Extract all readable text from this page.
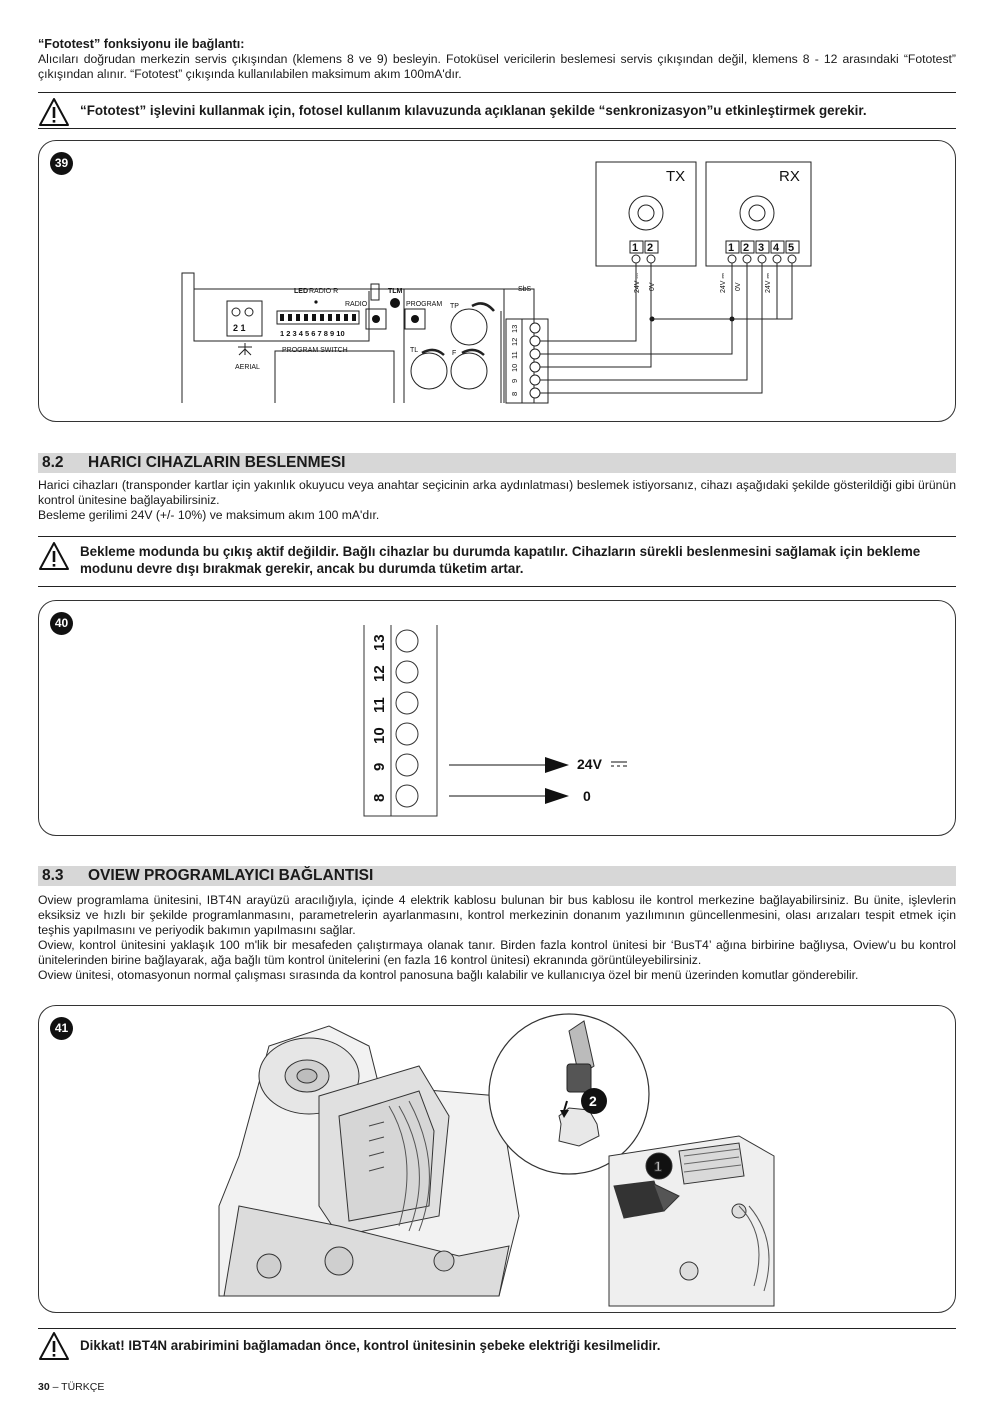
“Fototest” fonksiyonu ile bağlantı:

Alıcıları doğrudan merkezin servis çıkışından (klemens 8 ve 9) besleyin. Fotoküsel vericilerin beslemesi servis çıkışından değil, klemens 8 - 12 arasındaki “Fototest” çıkışından alınır. “Fototest” çıkışında kullanılabilen maksimum akım 100mA'dır.

“Fototest” işlevini kullanmak için, fotosel kullanım kılavuzunda açıklanan şekilde “senkronizasyon”u etkinleştirmek gerekir.
39
TX	RX
1 2	1 2 3 4 5
24V ⎓ 0V	24V ⎓ 0V	24V ⎓
LED RADIO R
RADIO
TLM
PROGRAM TP
TL	F
SbS
AERIAL
PROGRAM SWITCH
1 2 3 4 5 6 7 8 9 10
2 1	13
12
11
10
9
8
8.2 HARICI CIHAZLARIN BESLENMESI

Harici cihazları (transponder kartlar için yakınlık okuyucu veya anahtar seçicinin arka aydınlatması) beslemek istiyorsanız, cihazı aşağıdaki şekilde gösterildiği gibi ürünün kontrol ünitesine bağlayabilirsiniz.

Besleme gerilimi 24V (+/- 10%) ve maksimum akım 100 mA'dır.

Bekleme modunda bu çıkış aktif değildir. Bağlı cihazlar bu durumda kapatılır. Cihazların sürekli beslenmesini sağlamak için bekleme modunu devre dışı bırakmak gerekir, ancak bu durumda tüketim artar.
40
13
12
11
10
9
8
24V
0
8.3 OVIEW PROGRAMLAYICI BAĞLANTISI

Oview programlama ünitesini, IBT4N arayüzü aracılığıyla, içinde 4 elektrik kablosu bulunan bir bus kablosu ile kontrol merkezine bağlayabilirsiniz. Bu ünite, işlevlerin eksiksiz ve hızlı bir şekilde programlanmasını, parametrelerin ayarlanmasını, kontrol merkezinin donanım yazılımının güncellenmesini, olası arızaları tespit etmek için teşhis yapılmasını ve periyodik bakımın yapılmasını sağlar.

Oview, kontrol ünitesini yaklaşık 100 m'lik bir mesafeden çalıştırmaya olanak tanır. Birden fazla kontrol ünitesi bir ‘BusT4’ ağına birbirine bağlıysa, Oview'u bu kontrol ünitelerinden birine bağlayarak, ağa bağlı tüm kontrol ünitelerini (en fazla 16 kontrol ünitesi) ekranında görüntüleyebilirsiniz.

Oview ünitesi, otomasyonun normal çalışması sırasında da kontrol panosuna bağlı kalabilir ve kullanıcıya özel bir menü üzerinden komutlar gönderebilir.

41
2
1
Dikkat! IBT4N arabirimini bağlamadan önce, kontrol ünitesinin şebeke elektriği kesilmelidir.
30 – TÜRKÇE
